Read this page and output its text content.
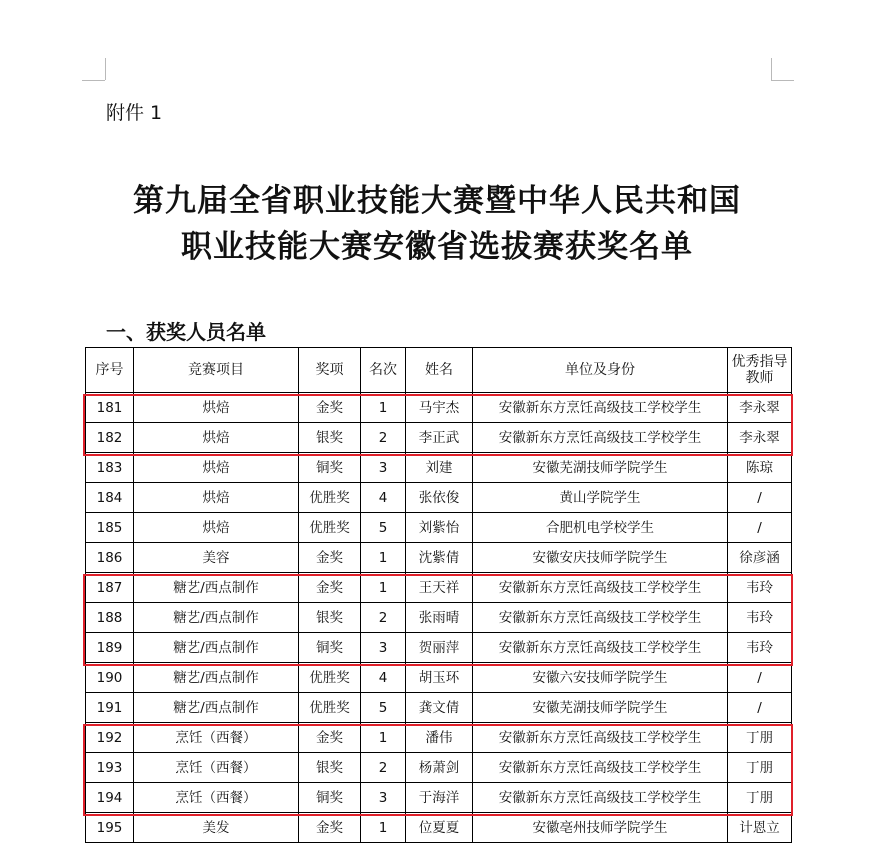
附件 1
第九届全省职业技能大赛暨中华人民共和国
职业技能大赛安徽省选拔赛获奖名单
一、获奖人员名单
序号	竞赛项目	奖项	名次	姓名	单位及身份	优秀指导教师
181	烘焙	金奖	1	马宇杰	安徽新东方烹饪高级技工学校学生	李永翠
182	烘焙	银奖	2	李正武	安徽新东方烹饪高级技工学校学生	李永翠
183	烘焙	铜奖	3	刘建	安徽芜湖技师学院学生	陈琼
184	烘焙	优胜奖	4	张依俊	黄山学院学生	/
185	烘焙	优胜奖	5	刘紫怡	合肥机电学校学生	/
186	美容	金奖	1	沈紫倩	安徽安庆技师学院学生	徐彦涵
187	糖艺/西点制作	金奖	1	王天祥	安徽新东方烹饪高级技工学校学生	韦玲
188	糖艺/西点制作	银奖	2	张雨晴	安徽新东方烹饪高级技工学校学生	韦玲
189	糖艺/西点制作	铜奖	3	贺丽萍	安徽新东方烹饪高级技工学校学生	韦玲
190	糖艺/西点制作	优胜奖	4	胡玉环	安徽六安技师学院学生	/
191	糖艺/西点制作	优胜奖	5	龚文倩	安徽芜湖技师学院学生	/
192	烹饪（西餐）	金奖	1	潘伟	安徽新东方烹饪高级技工学校学生	丁朋
193	烹饪（西餐）	银奖	2	杨萧剑	安徽新东方烹饪高级技工学校学生	丁朋
194	烹饪（西餐）	铜奖	3	于海洋	安徽新东方烹饪高级技工学校学生	丁朋
195	美发	金奖	1	位夏夏	安徽亳州技师学院学生	计恩立
